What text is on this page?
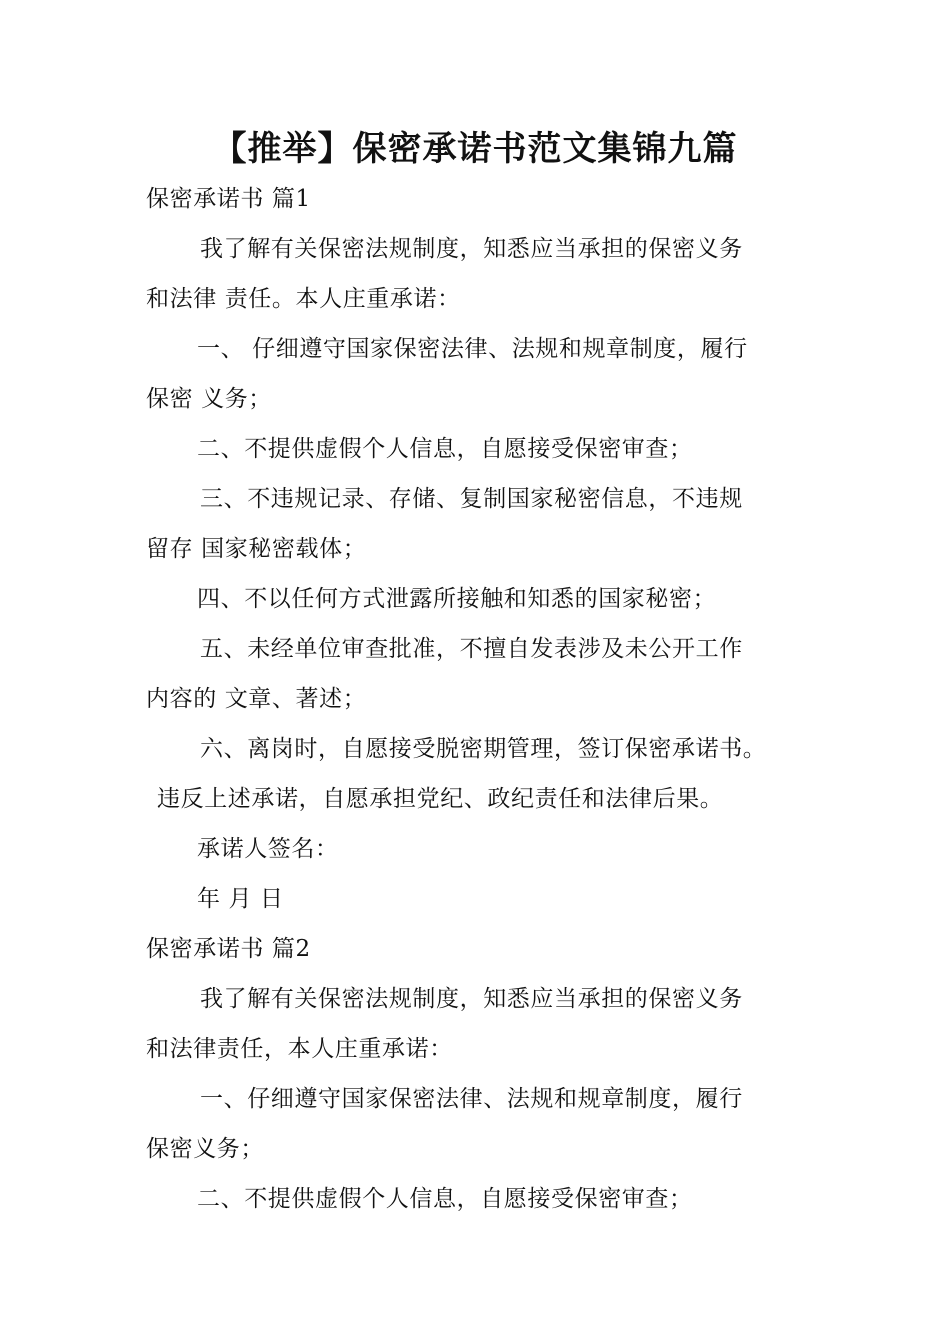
【推举】保密承诺书范文集锦九篇
保密承诺书 篇1
我了解有关保密法规制度，知悉应当承担的保密义务
和法律 责任。本人庄重承诺：
一、 仔细遵守国家保密法律、法规和规章制度，履行
保密 义务；
二、不提供虚假个人信息，自愿接受保密审查；
三、不违规记录、存储、复制国家秘密信息，不违规
留存 国家秘密载体；
四、不以任何方式泄露所接触和知悉的国家秘密；
五、未经单位审查批准，不擅自发表涉及未公开工作
内容的 文章、著述；
六、离岗时，自愿接受脱密期管理，签订保密承诺书。
违反上述承诺，自愿承担党纪、政纪责任和法律后果。
承诺人签名：
年 月 日
保密承诺书 篇2
我了解有关保密法规制度，知悉应当承担的保密义务
和法律责任，本人庄重承诺：
一、仔细遵守国家保密法律、法规和规章制度，履行
保密义务；
二、不提供虚假个人信息，自愿接受保密审查；
